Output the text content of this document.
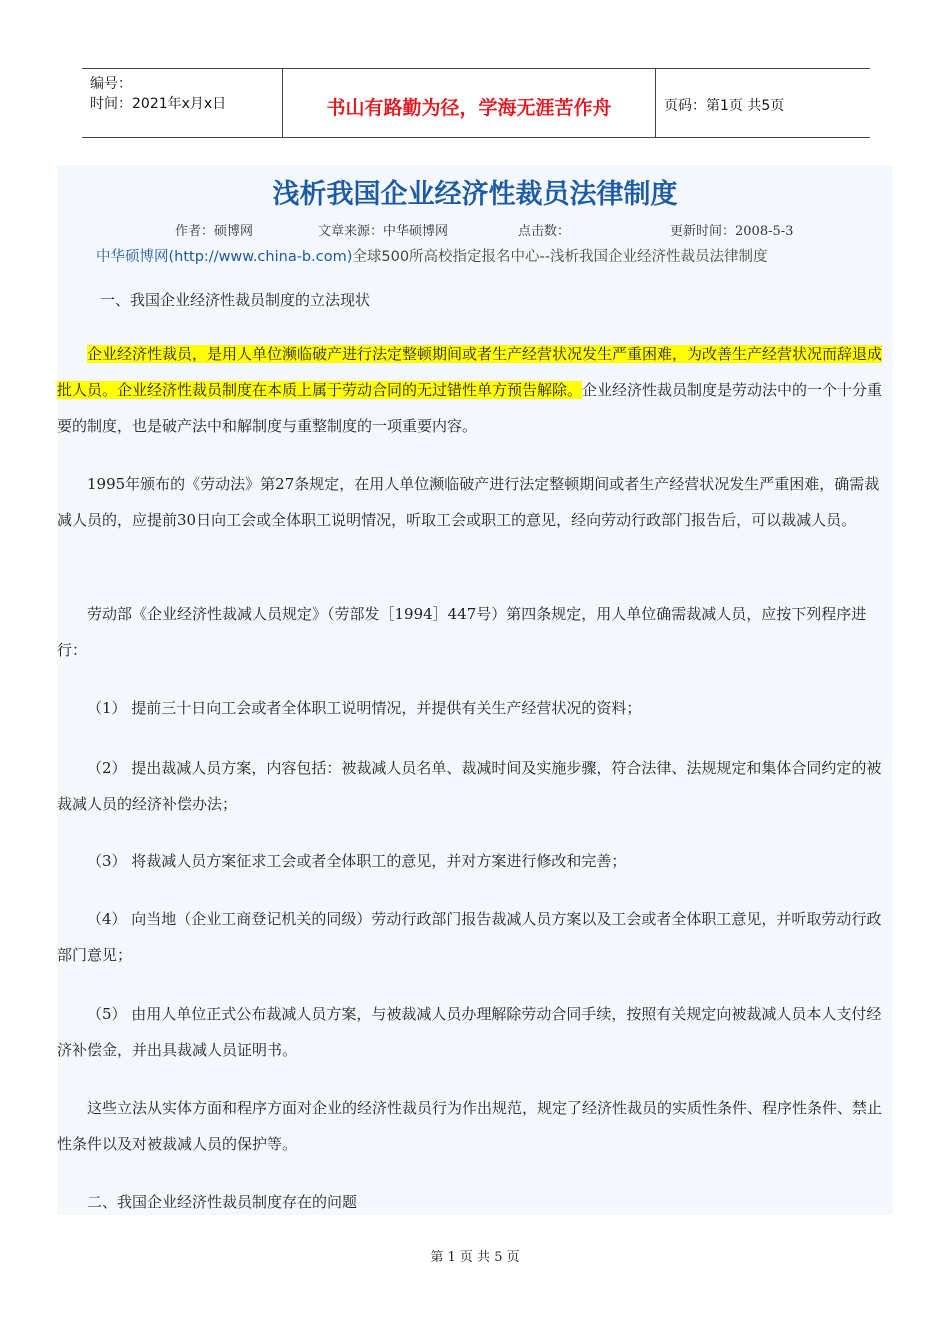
编号：
时间：2021年x月x日	书山有路勤为径，学海无涯苦作舟	页码：第1页 共5页
浅析我国企业经济性裁员法律制度
作者：硕博网	文章来源：中华硕博网	点击数：	更新时间：2008-5-3
中华硕博网(http://www.china-b.com)全球500所高校指定报名中心--浅析我国企业经济性裁员法律制度
一、我国企业经济性裁员制度的立法现状
企业经济性裁员，是用人单位濒临破产进行法定整顿期间或者生产经营状况发生严重困难，为改善生产经营状况而辞退成批人员。企业经济性裁员制度在本质上属于劳动合同的无过错性单方预告解除。企业经济性裁员制度是劳动法中的一个十分重要的制度，也是破产法中和解制度与重整制度的一项重要内容。
1995年颁布的《劳动法》第27条规定，在用人单位濒临破产进行法定整顿期间或者生产经营状况发生严重困难，确需裁减人员的，应提前30日向工会或全体职工说明情况，听取工会或职工的意见，经向劳动行政部门报告后，可以裁减人员。
劳动部《企业经济性裁减人员规定》（劳部发［1994］447号）第四条规定，用人单位确需裁减人员，应按下列程序进行：
（1） 提前三十日向工会或者全体职工说明情况，并提供有关生产经营状况的资料；
（2） 提出裁减人员方案，内容包括：被裁减人员名单、裁减时间及实施步骤，符合法律、法规规定和集体合同约定的被裁减人员的经济补偿办法；
（3） 将裁减人员方案征求工会或者全体职工的意见，并对方案进行修改和完善；
（4） 向当地（企业工商登记机关的同级）劳动行政部门报告裁减人员方案以及工会或者全体职工意见，并听取劳动行政部门意见；
（5） 由用人单位正式公布裁减人员方案，与被裁减人员办理解除劳动合同手续，按照有关规定向被裁减人员本人支付经济补偿金，并出具裁减人员证明书。
这些立法从实体方面和程序方面对企业的经济性裁员行为作出规范，规定了经济性裁员的实质性条件、程序性条件、禁止性条件以及对被裁减人员的保护等。
二、我国企业经济性裁员制度存在的问题
第 1 页 共 5 页
